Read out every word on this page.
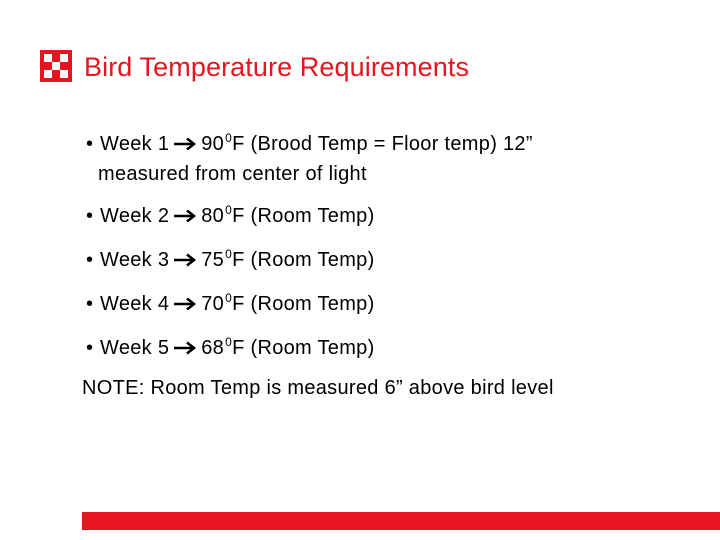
Bird Temperature Requirements
• Week 1 $90^0F$ (Brood Temp = Floor temp) 12”
measured from center of light
• Week 2 $80^0F$ (Room Temp)
• Week 3 $75^0F$ (Room Temp)
• Week 4 $70^0F$ (Room Temp)
• Week 5 $68^0F$ (Room Temp)
NOTE: Room Temp is measured 6” above bird level
